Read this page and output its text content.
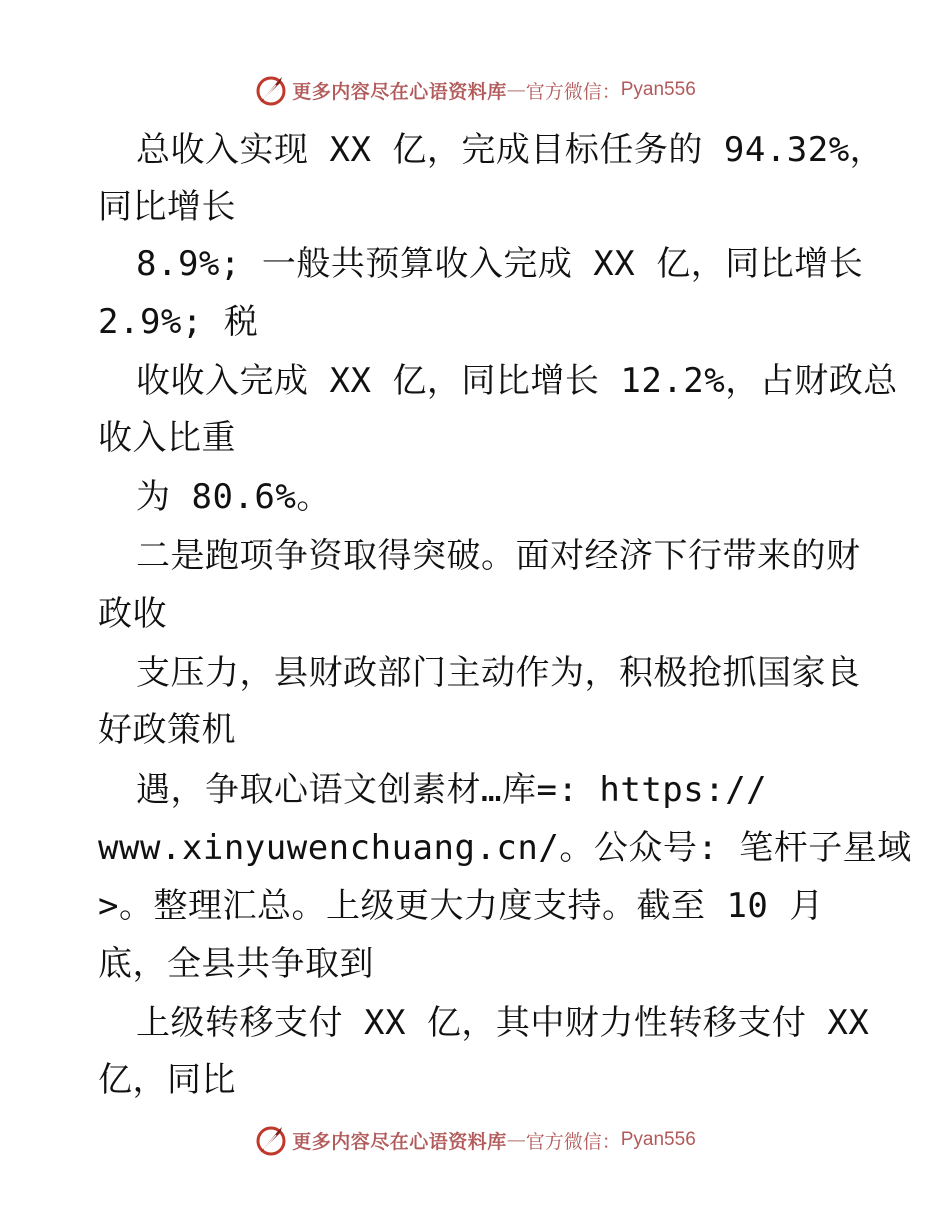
更多内容尽在心语资料库 — 官方微信： Pyan556
总收入实现 XX 亿，完成目标任务的 94.32%，
同比增长
8.9%; 一般共预算收入完成 XX 亿，同比增长
2.9%; 税
收收入完成 XX 亿，同比增长 12.2%，占财政总
收入比重
为 80.6%。
二是跑项争资取得突破。面对经济下行带来的财
政收
支压力，县财政部门主动作为，积极抢抓国家良
好政策机
遇，争取心语文创素材…库=: https://
www.xinyuwenchuang.cn/。公众号: 笔杆子星域
>。整理汇总。上级更大力度支持。截至 10 月
底，全县共争取到
上级转移支付 XX 亿，其中财力性转移支付 XX
亿，同比
更多内容尽在心语资料库 — 官方微信： Pyan556
